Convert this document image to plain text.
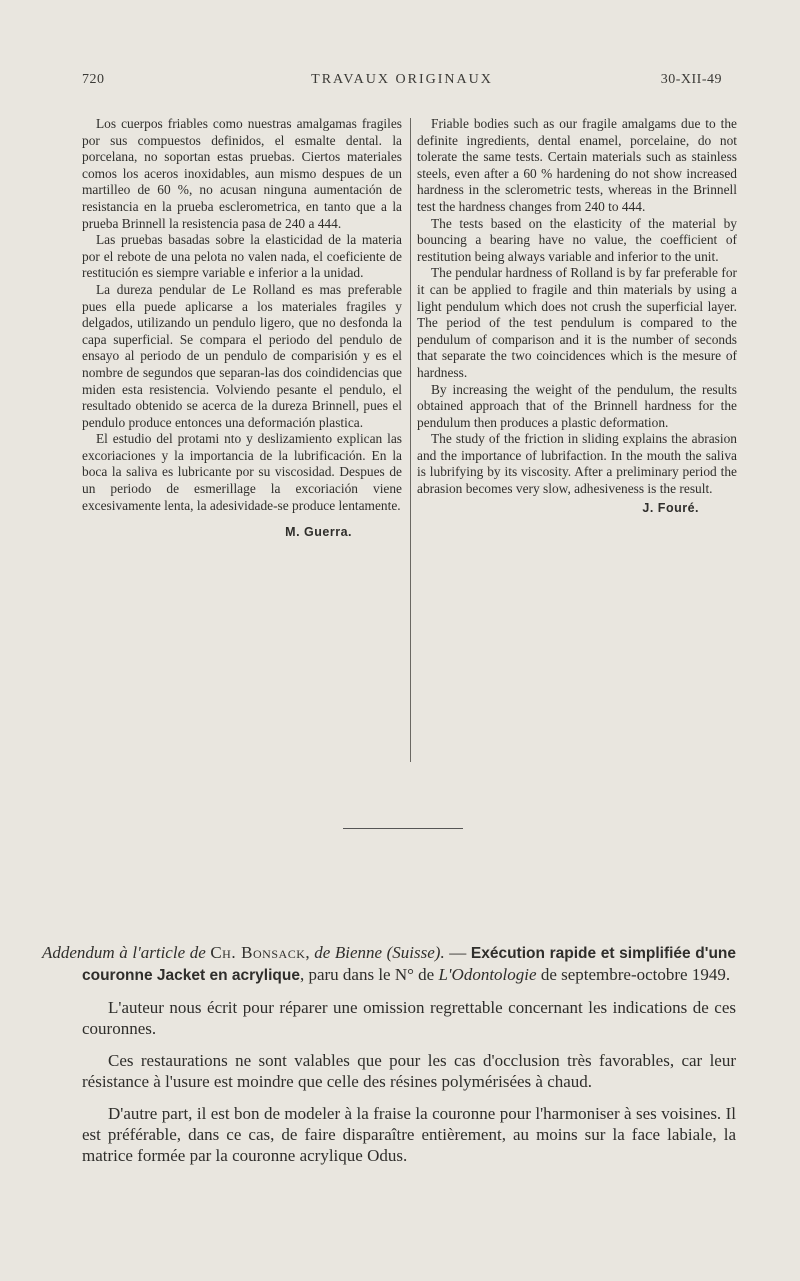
720	TRAVAUX ORIGINAUX	30-XII-49

Los cuerpos friables como nuestras amalgamas fragiles por sus compuestos definidos, el esmalte dental. la porcelana, no soportan estas pruebas. Ciertos materiales comos los aceros inoxidables, aun mismo despues de un martilleo de 60 %, no acusan ninguna aumentación de resistancia en la prueba esclerometrica, en tanto que a la prueba Brinnell la resistencia pasa de 240 a 444.

Las pruebas basadas sobre la elasticidad de la materia por el rebote de una pelota no valen nada, el coeficiente de restitución es siempre variable e inferior a la unidad.

La dureza pendular de Le Rolland es mas preferable pues ella puede aplicarse a los materiales fragiles y delgados, utilizando un pendulo ligero, que no desfonda la capa superficial. Se compara el periodo del pendulo de ensayo al periodo de un pendulo de comparisión y es el nombre de segundos que separan-las dos coindidencias que miden esta resistencia. Volviendo pesante el pendulo, el resultado obtenido se acerca de la dureza Brinnell, pues el pendulo produce entonces una deformación plastica.

El estudio del protami nto y deslizamiento explican las excoriaciones y la importancia de la lubrificación. En la boca la saliva es lubricante por su viscosidad. Despues de un periodo de esmerillage la excoriación viene excesivamente lenta, la adesividade-se produce lentamente.

M. Guerra.

Friable bodies such as our fragile amalgams due to the definite ingredients, dental enamel, porcelaine, do not tolerate the same tests. Certain materials such as stainless steels, even after a 60 % hardening do not show increased hardness in the sclerometric tests, whereas in the Brinnell test the hardness changes from 240 to 444.

The tests based on the elasticity of the material by bouncing a bearing have no value, the coefficient of restitution being always variable and inferior to the unit.

The pendular hardness of Rolland is by far preferable for it can be applied to fragile and thin materials by using a light pendulum which does not crush the superficial layer. The period of the test pendulum is compared to the pendulum of comparison and it is the number of seconds that separate the two coincidences which is the mesure of hardness.

By increasing the weight of the pendulum, the results obtained approach that of the Brinnell hardness for the pendulum then produces a plastic deformation.

The study of the friction in sliding explains the abrasion and the importance of lubrifaction. In the mouth the saliva is lubrifying by its viscosity. After a preliminary period the abrasion becomes very slow, adhesiveness is the result.

J. Fouré.

Addendum à l'article de Ch. Bonsack, de Bienne (Suisse). — Exécution rapide et simplifiée d'une couronne Jacket en acrylique, paru dans le N° de L'Odontologie de septembre-octobre 1949.

L'auteur nous écrit pour réparer une omission regrettable concernant les indications de ces couronnes.

Ces restaurations ne sont valables que pour les cas d'occlusion très favorables, car leur résistance à l'usure est moindre que celle des résines polymérisées à chaud.

D'autre part, il est bon de modeler à la fraise la couronne pour l'harmoniser à ses voisines. Il est préférable, dans ce cas, de faire disparaître entièrement, au moins sur la face labiale, la matrice formée par la couronne acrylique Odus.
